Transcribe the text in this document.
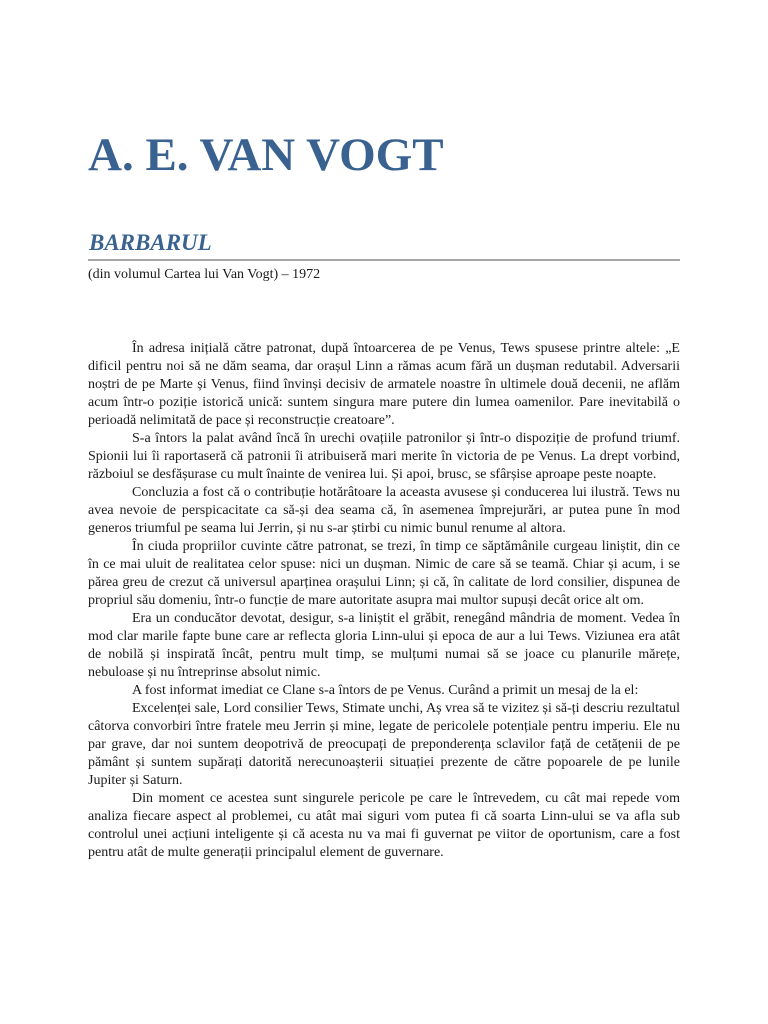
A. E. VAN VOGT
BARBARUL

(din volumul Cartea lui Van Vogt) – 1972

În adresa inițială către patronat, după întoarcerea de pe Venus, Tews spusese printre altele: „E dificil pentru noi să ne dăm seama, dar orașul Linn a rămas acum fără un dușman redutabil. Adversarii noștri de pe Marte și Venus, fiind învinși decisiv de armatele noastre în ultimele două decenii, ne aflăm acum într-o poziție istorică unică: suntem singura mare putere din lumea oamenilor. Pare inevitabilă o perioadă nelimitată de pace și reconstrucție creatoare”.

S-a întors la palat având încă în urechi ovațiile patronilor și într-o dispoziție de profund triumf. Spionii lui îi raportaseră că patronii îi atribuiseră mari merite în victoria de pe Venus. La drept vorbind, războiul se desfășurase cu mult înainte de venirea lui. Și apoi, brusc, se sfârșise aproape peste noapte.

Concluzia a fost că o contribuție hotărâtoare la aceasta avusese și conducerea lui ilustră. Tews nu avea nevoie de perspicacitate ca să-și dea seama că, în asemenea împrejurări, ar putea pune în mod generos triumful pe seama lui Jerrin, și nu s-ar știrbi cu nimic bunul renume al altora.

În ciuda propriilor cuvinte către patronat, se trezi, în timp ce săptămânile curgeau liniștit, din ce în ce mai uluit de realitatea celor spuse: nici un dușman. Nimic de care să se teamă. Chiar și acum, i se părea greu de crezut că universul aparținea orașului Linn; și că, în calitate de lord consilier, dispunea de propriul său domeniu, într-o funcție de mare autoritate asupra mai multor supuși decât orice alt om.

Era un conducător devotat, desigur, s-a liniștit el grăbit, renegând mândria de moment. Vedea în mod clar marile fapte bune care ar reflecta gloria Linn-ului și epoca de aur a lui Tews. Viziunea era atât de nobilă și inspirată încât, pentru mult timp, se mulțumi numai să se joace cu planurile mărețe, nebuloase și nu întreprinse absolut nimic.

A fost informat imediat ce Clane s-a întors de pe Venus. Curând a primit un mesaj de la el:

Excelenței sale, Lord consilier Tews, Stimate unchi, Aș vrea să te vizitez și să-ți descriu rezultatul câtorva convorbiri între fratele meu Jerrin și mine, legate de pericolele potențiale pentru imperiu. Ele nu par grave, dar noi suntem deopotrivă de preocupați de preponderența sclavilor față de cetățenii de pe pământ și suntem supărați datorită nerecunoașterii situației prezente de către popoarele de pe lunile Jupiter și Saturn.

Din moment ce acestea sunt singurele pericole pe care le întrevedem, cu cât mai repede vom analiza fiecare aspect al problemei, cu atât mai siguri vom putea fi că soarta Linn-ului se va afla sub controlul unei acțiuni inteligente și că acesta nu va mai fi guvernat pe viitor de oportunism, care a fost pentru atât de multe generații principalul element de guvernare.
